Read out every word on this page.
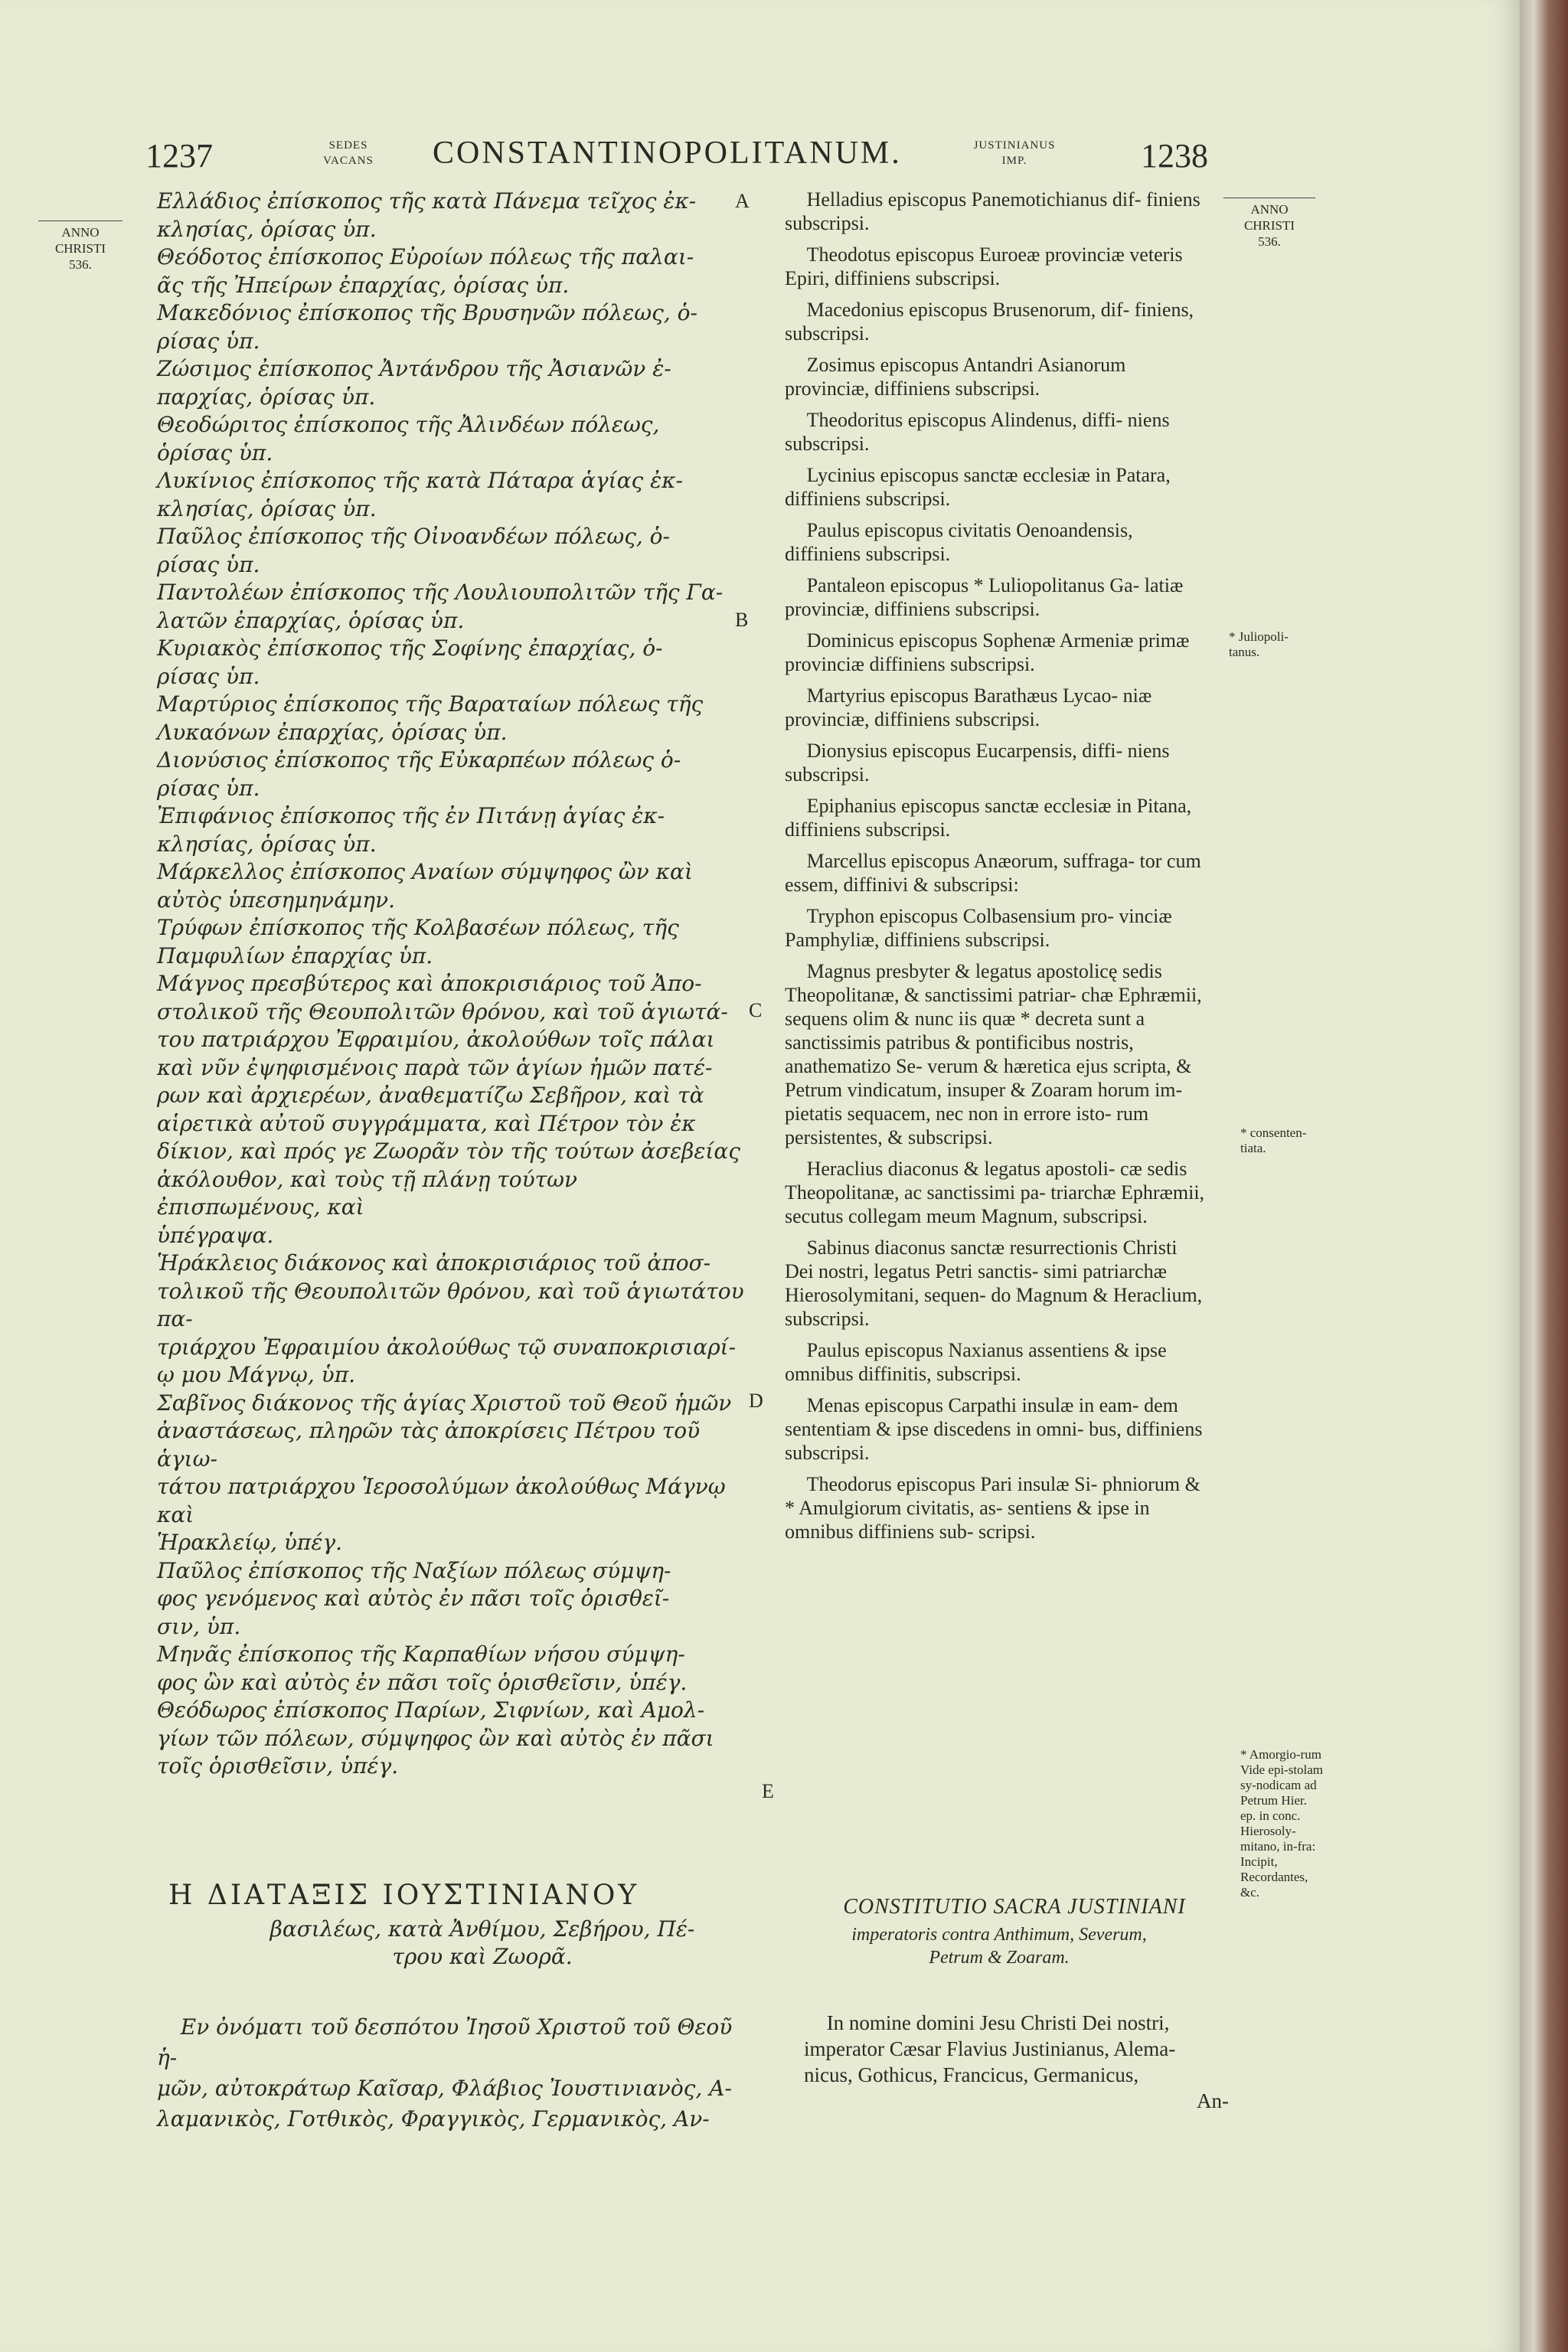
1237	SEDES
VACANS CONSTANTINOPOLITANUM.	JUSTINIANUS
IMP.	1238
ANNO
CHRISTI
536.
ANNO
CHRISTI
536.
Ελλάδιος ἐπίσκοπος τῆς κατὰ Πάνεμα τεῖχος ἐκ-
κλησίας, ὁρίσας ὑπ.
Θεόδοτος ἐπίσκοπος Εὐροίων πόλεως τῆς παλαι-
ᾶς τῆς Ἠπείρων ἐπαρχίας, ὁρίσας ὑπ.
Μακεδόνιος ἐπίσκοπος τῆς Βρυσηνῶν πόλεως, ὁ-
ρίσας ὑπ.
Ζώσιμος ἐπίσκοπος Ἀντάνδρου τῆς Ἀσιανῶν ἐ-
παρχίας, ὁρίσας ὑπ.
Θεοδώριτος ἐπίσκοπος τῆς Ἀλινδέων πόλεως,
ὁρίσας ὑπ.
Λυκίνιος ἐπίσκοπος τῆς κατὰ Πάταρα ἁγίας ἐκ-
κλησίας, ὁρίσας ὑπ.
Παῦλος ἐπίσκοπος τῆς Οἰνοανδέων πόλεως, ὁ-
ρίσας ὑπ.
Παντολέων ἐπίσκοπος τῆς Λουλιουπολιτῶν τῆς Γα-
λατῶν ἐπαρχίας, ὁρίσας ὑπ.
Κυριακὸς ἐπίσκοπος τῆς Σοφίνης ἐπαρχίας, ὁ-
ρίσας ὑπ.
Μαρτύριος ἐπίσκοπος τῆς Βαραταίων πόλεως τῆς
Λυκαόνων ἐπαρχίας, ὁρίσας ὑπ.
Διονύσιος ἐπίσκοπος τῆς Εὐκαρπέων πόλεως ὁ-
ρίσας ὑπ.
Ἐπιφάνιος ἐπίσκοπος τῆς ἐν Πιτάνῃ ἁγίας ἐκ-
κλησίας, ὁρίσας ὑπ.
Μάρκελλος ἐπίσκοπος Αναίων σύμψηφος ὢν καὶ
αὐτὸς ὑπεσημηνάμην.
Τρύφων ἐπίσκοπος τῆς Κολβασέων πόλεως, τῆς
Παμφυλίων ἐπαρχίας ὑπ.
Μάγνος πρεσβύτερος καὶ ἀποκρισιάριος τοῦ Ἀπο-
στολικοῦ τῆς Θεουπολιτῶν θρόνου, καὶ τοῦ ἁγιωτά-
του πατριάρχου Ἐφραιμίου, ἀκολούθων τοῖς πάλαι
καὶ νῦν ἐψηφισμένοις παρὰ τῶν ἁγίων ἡμῶν πατέ-
ρων καὶ ἀρχιερέων, ἀναθεματίζω Σεβῆρον, καὶ τὰ
αἱρετικὰ αὐτοῦ συγγράμματα, καὶ Πέτρον τὸν ἐκ
δίκιον, καὶ πρός γε Ζωορᾶν τὸν τῆς τούτων ἀσεβείας
ἀκόλουθον, καὶ τοὺς τῇ πλάνῃ τούτων ἐπισπωμένους, καὶ
ὑπέγραψα.
Ἡράκλειος διάκονος καὶ ἀποκρισιάριος τοῦ ἀποσ-
τολικοῦ τῆς Θεουπολιτῶν θρόνου, καὶ τοῦ ἁγιωτάτου πα-
τριάρχου Ἐφραιμίου ἀκολούθως τῷ συναποκρισιαρί-
ῳ μου Μάγνῳ, ὑπ.
Σαβῖνος διάκονος τῆς ἁγίας Χριστοῦ τοῦ Θεοῦ ἡμῶν
ἀναστάσεως, πληρῶν τὰς ἀποκρίσεις Πέτρου τοῦ ἁγιω-
τάτου πατριάρχου Ἱεροσολύμων ἀκολούθως Μάγνῳ καὶ
Ἡρακλείῳ, ὑπέγ.
Παῦλος ἐπίσκοπος τῆς Ναξίων πόλεως σύμψη-
φος γενόμενος καὶ αὐτὸς ἐν πᾶσι τοῖς ὁρισθεῖ-
σιν, ὑπ.
Μηνᾶς ἐπίσκοπος τῆς Καρπαθίων νήσου σύμψη-
φος ὢν καὶ αὐτὸς ἐν πᾶσι τοῖς ὁρισθεῖσιν, ὑπέγ.
Θεόδωρος ἐπίσκοπος Παρίων, Σιφνίων, καὶ Αμολ-
γίων τῶν πόλεων, σύμψηφος ὢν καὶ αὐτὸς ἐν πᾶσι
τοῖς ὁρισθεῖσιν, ὑπέγ.
A
B
C
D
E

Helladius episcopus Panemotichianus dif- finiens subscripsi.

Theodotus episcopus Euroeæ provinciæ veteris Epiri, diffiniens subscripsi.

Macedonius episcopus Brusenorum, dif- finiens, subscripsi.

Zosimus episcopus Antandri Asianorum provinciæ, diffiniens subscripsi.

Theodoritus episcopus Alindenus, diffi- niens subscripsi.

Lycinius episcopus sanctæ ecclesiæ in Patara, diffiniens subscripsi.

Paulus episcopus civitatis Oenoandensis, diffiniens subscripsi.

Pantaleon episcopus * Luliopolitanus Ga- latiæ provinciæ, diffiniens subscripsi.

Dominicus episcopus Sophenæ Armeniæ primæ provinciæ diffiniens subscripsi.

Martyrius episcopus Barathæus Lycao- niæ provinciæ, diffiniens subscripsi.

Dionysius episcopus Eucarpensis, diffi- niens subscripsi.

Epiphanius episcopus sanctæ ecclesiæ in Pitana, diffiniens subscripsi.

Marcellus episcopus Anæorum, suffraga- tor cum essem, diffinivi & subscripsi:

Tryphon episcopus Colbasensium pro- vinciæ Pamphyliæ, diffiniens subscripsi.

Magnus presbyter & legatus apostolicę sedis Theopolitanæ, & sanctissimi patriar- chæ Ephræmii, sequens olim & nunc iis quæ * decreta sunt a sanctissimis patribus & pontificibus nostris, anathematizo Se- verum & hæretica ejus scripta, & Petrum vindicatum, insuper & Zoaram horum im- pietatis sequacem, nec non in errore isto- rum persistentes, & subscripsi.

Heraclius diaconus & legatus apostoli- cæ sedis Theopolitanæ, ac sanctissimi pa- triarchæ Ephræmii, secutus collegam meum Magnum, subscripsi.

Sabinus diaconus sanctæ resurrectionis Christi Dei nostri, legatus Petri sanctis- simi patriarchæ Hierosolymitani, sequen- do Magnum & Heraclium, subscripsi.

Paulus episcopus Naxianus assentiens & ipse omnibus diffinitis, subscripsi.

Menas episcopus Carpathi insulæ in eam- dem sententiam & ipse discedens in omni- bus, diffiniens subscripsi.

Theodorus episcopus Pari insulæ Si- phniorum & * Amulgiorum civitatis, as- sentiens & ipse in omnibus diffiniens sub- scripsi.

* Juliopoli-tanus.
* consenten-tiata.
* Amorgio-rum Vide epi-stolam sy-nodicam ad Petrum Hier. ep. in conc. Hierosoly-mitano, in-fra: Incipit, Recordantes, &c.
Η ΔΙΑΤΑΞΙΣ ΙΟΥΣΤΙΝΙΑΝΟΥ
βασιλέως, κατὰ Ἀνθίμου, Σεβήρου, Πέ-
τρου καὶ Ζωορᾶ.
CONSTITUTIO SACRA JUSTINIANI
imperatoris contra Anthimum, Severum,
Petrum & Zoaram.
Εν ὀνόματι τοῦ δεσπότου Ἰησοῦ Χριστοῦ τοῦ Θεοῦ ἡ-
μῶν, αὐτοκράτωρ Καῖσαρ, Φλάβιος Ἰουστινιανὸς, Α-
λαμανικὸς, Γοτθικὸς, Φραγγικὸς, Γερμανικὸς, Αν-
In nomine domini Jesu Christi Dei nostri,
imperator Cæsar Flavius Justinianus, Alema-
nicus, Gothicus, Francicus, Germanicus,
An-
